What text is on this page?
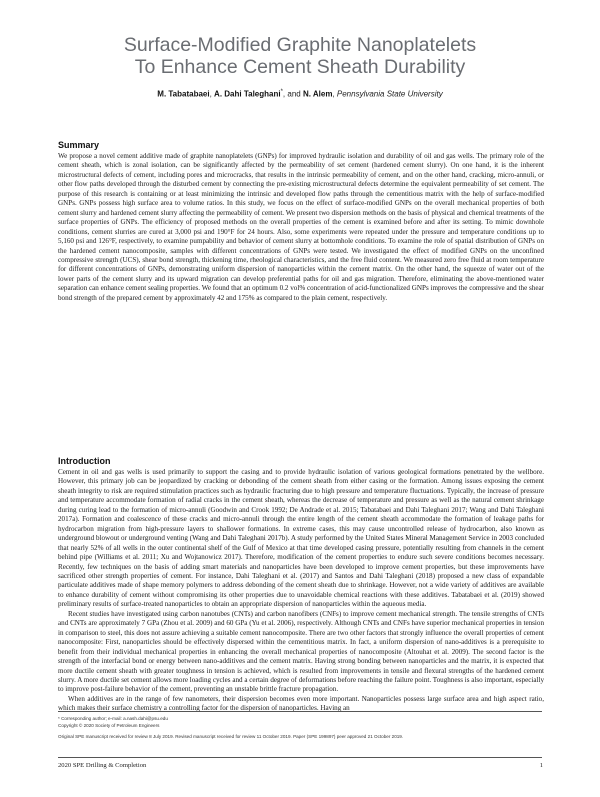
Surface-Modified Graphite Nanoplatelets
To Enhance Cement Sheath Durability
M. Tabatabaei, A. Dahi Taleghani*, and N. Alem, Pennsylvania State University
Summary

We propose a novel cement additive made of graphite nanoplatelets (GNPs) for improved hydraulic isolation and durability of oil and gas wells. The primary role of the cement sheath, which is zonal isolation, can be significantly affected by the permeability of set cement (hardened cement slurry). On one hand, it is the inherent microstructural defects of cement, including pores and microcracks, that results in the intrinsic permeability of cement, and on the other hand, cracking, micro-annuli, or other flow paths developed through the disturbed cement by connecting the pre-existing microstructural defects determine the equivalent permeability of set cement. The purpose of this research is containing or at least minimizing the intrinsic and developed flow paths through the cementitious matrix with the help of surface-modified GNPs. GNPs possess high surface area to volume ratios. In this study, we focus on the effect of surface-modified GNPs on the overall mechanical properties of both cement slurry and hardened cement slurry affecting the permeability of cement. We present two dispersion methods on the basis of physical and chemical treatments of the surface properties of GNPs. The efficiency of proposed methods on the overall properties of the cement is examined before and after its setting. To mimic downhole conditions, cement slurries are cured at 3,000 psi and 190°F for 24 hours. Also, some experiments were repeated under the pressure and temperature conditions up to 5,160 psi and 126°F, respectively, to examine pumpability and behavior of cement slurry at bottomhole conditions. To examine the role of spatial distribution of GNPs on the hardened cement nanocomposite, samples with different concentrations of GNPs were tested. We investigated the effect of modified GNPs on the unconfined compressive strength (UCS), shear bond strength, thickening time, rheological characteristics, and the free fluid content. We measured zero free fluid at room temperature for different concentrations of GNPs, demonstrating uniform dispersion of nanoparticles within the cement matrix. On the other hand, the squeeze of water out of the lower parts of the cement slurry and its upward migration can develop preferential paths for oil and gas migration. Therefore, eliminating the above-mentioned water separation can enhance cement sealing properties. We found that an optimum 0.2 vol% concentration of acid-functionalized GNPs improves the compressive and the shear bond strength of the prepared cement by approximately 42 and 175% as compared to the plain cement, respectively.

Introduction

Cement in oil and gas wells is used primarily to support the casing and to provide hydraulic isolation of various geological formations penetrated by the wellbore. However, this primary job can be jeopardized by cracking or debonding of the cement sheath from either casing or the formation. Among issues exposing the cement sheath integrity to risk are required stimulation practices such as hydraulic fracturing due to high pressure and temperature fluctuations. Typically, the increase of pressure and temperature accommodate formation of radial cracks in the cement sheath, whereas the decrease of temperature and pressure as well as the natural cement shrinkage during curing lead to the formation of micro-annuli (Goodwin and Crook 1992; De Andrade et al. 2015; Tabatabaei and Dahi Taleghani 2017; Wang and Dahi Taleghani 2017a). Formation and coalescence of these cracks and micro-annuli through the entire length of the cement sheath accommodate the formation of leakage paths for hydrocarbon migration from high-pressure layers to shallower formations. In extreme cases, this may cause uncontrolled release of hydrocarbon, also known as underground blowout or underground venting (Wang and Dahi Taleghani 2017b). A study performed by the United States Mineral Management Service in 2003 concluded that nearly 52% of all wells in the outer continental shelf of the Gulf of Mexico at that time developed casing pressure, potentially resulting from channels in the cement behind pipe (Williams et al. 2011; Xu and Wojtanowicz 2017). Therefore, modification of the cement properties to endure such severe conditions becomes necessary. Recently, few techniques on the basis of adding smart materials and nanoparticles have been developed to improve cement properties, but these improvements have sacrificed other strength properties of cement. For instance, Dahi Taleghani et al. (2017) and Santos and Dahi Taleghani (2018) proposed a new class of expandable particulate additives made of shape memory polymers to address debonding of the cement sheath due to shrinkage. However, not a wide variety of additives are available to enhance durability of cement without compromising its other properties due to unavoidable chemical reactions with these additives. Tabatabaei et al. (2019) showed preliminary results of surface-treated nanoparticles to obtain an appropriate dispersion of nanoparticles within the aqueous media.

Recent studies have investigated using carbon nanotubes (CNTs) and carbon nanofibers (CNFs) to improve cement mechanical strength. The tensile strengths of CNTs and CNTs are approximately 7 GPa (Zhou et al. 2009) and 60 GPa (Yu et al. 2006), respectively. Although CNTs and CNFs have superior mechanical properties in tension in comparison to steel, this does not assure achieving a suitable cement nanocomposite. There are two other factors that strongly influence the overall properties of cement nanocomposite: First, nanoparticles should be effectively dispersed within the cementitious matrix. In fact, a uniform dispersion of nano-additives is a prerequisite to benefit from their individual mechanical properties in enhancing the overall mechanical properties of nanocomposite (Altouhat et al. 2009). The second factor is the strength of the interfacial bond or energy between nano-additives and the cement matrix. Having strong bonding between nanoparticles and the matrix, it is expected that more ductile cement sheath with greater toughness in tension is achieved, which is resulted from improvements in tensile and flexural strengths of the hardened cement slurry. A more ductile set cement allows more loading cycles and a certain degree of deformations before reaching the failure point. Toughness is also important, especially to improve post-failure behavior of the cement, preventing an unstable brittle fracture propagation.

When additives are in the range of few nanometers, their dispersion becomes even more important. Nanoparticles possess large surface area and high aspect ratio, which makes their surface chemistry a controlling factor for the dispersion of nanoparticles. Having an

* Corresponding author; e-mail: a.nash.dahi@psu.edu
Copyright © 2020 Society of Petroleum Engineers
Original SPE manuscript received for review 8 July 2019. Revised manuscript received for review 11 October 2019. Paper (SPE 199897) peer approved 21 October 2019.
2020 SPE Drilling & Completion	1
